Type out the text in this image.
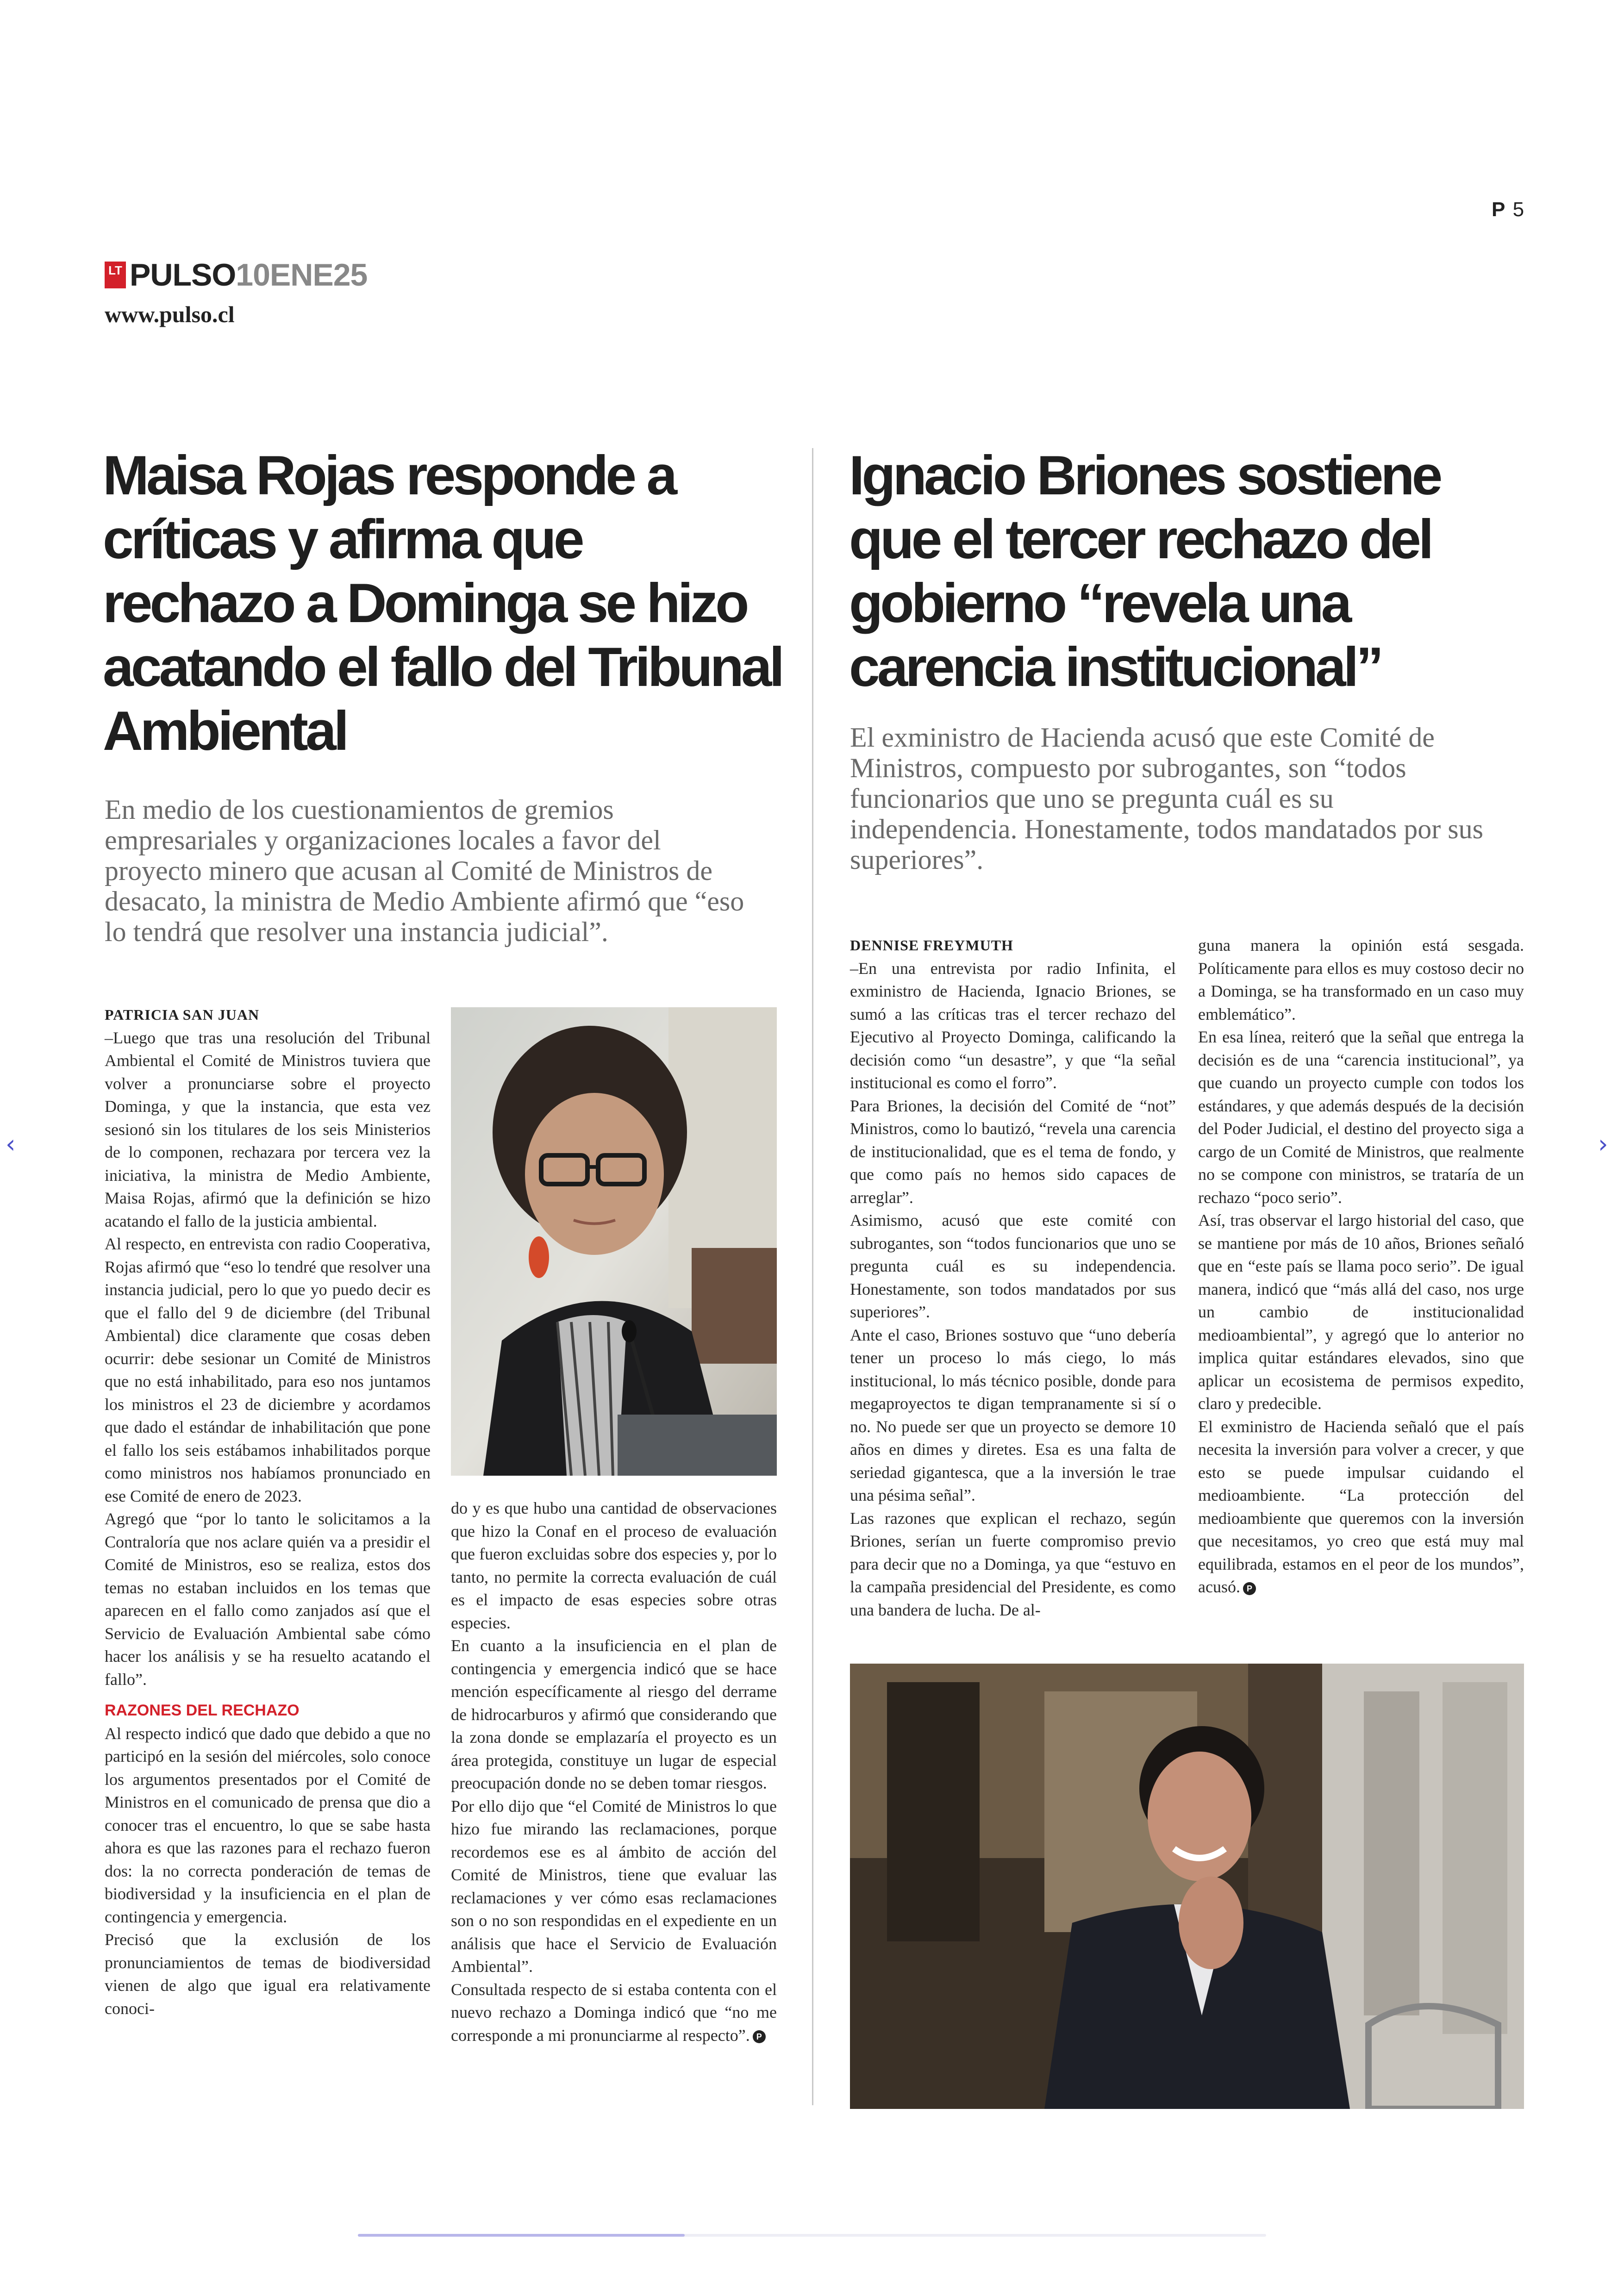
‹	›
P 5
LT PULSO 10ENE25
www.pulso.cl
Maisa Rojas responde a críticas y afirma que rechazo a Dominga se hizo acatando el fallo del Tribunal Ambiental

En medio de los cuestionamientos de gremios empresariales y organizaciones locales a favor del proyecto minero que acusan al Comité de Ministros de desacato, la ministra de Medio Ambiente afirmó que “eso lo tendrá que resolver una instancia judicial”.

PATRICIA SAN JUAN

–Luego que tras una resolución del Tribunal Ambiental el Comité de Ministros tuviera que volver a pronunciarse sobre el proyecto Dominga, y que la instancia, que esta vez sesionó sin los titulares de los seis Ministerios de lo componen, rechazara por tercera vez la iniciativa, la ministra de Medio Ambiente, Maisa Rojas, afirmó que la definición se hizo acatando el fallo de la justicia ambiental.

Al respecto, en entrevista con radio Cooperativa, Rojas afirmó que “eso lo tendré que resolver una instancia judicial, pero lo que yo puedo decir es que el fallo del 9 de diciembre (del Tribunal Ambiental) dice claramente que cosas deben ocurrir: debe sesionar un Comité de Ministros que no está inhabilitado, para eso nos juntamos los ministros el 23 de diciembre y acordamos que dado el estándar de inhabilitación que pone el fallo los seis estábamos inhabilitados porque como ministros nos habíamos pronunciado en ese Comité de enero de 2023.

Agregó que “por lo tanto le solicitamos a la Contraloría que nos aclare quién va a presidir el Comité de Ministros, eso se realiza, estos dos temas no estaban incluidos en los temas que aparecen en el fallo como zanjados así que el Servicio de Evaluación Ambiental sabe cómo hacer los análisis y se ha resuelto acatando el fallo”.

RAZONES DEL RECHAZO

Al respecto indicó que dado que debido a que no participó en la sesión del miércoles, solo conoce los argumentos presentados por el Comité de Ministros en el comunicado de prensa que dio a conocer tras el encuentro, lo que se sabe hasta ahora es que las razones para el rechazo fueron dos: la no correcta ponderación de temas de biodiversidad y la insuficiencia en el plan de contingencia y emergencia.

Precisó que la exclusión de los pronunciamientos de temas de biodiversidad vienen de algo que igual era relativamente conoci-

do y es que hubo una cantidad de observaciones que hizo la Conaf en el proceso de evaluación que fueron excluidas sobre dos especies y, por lo tanto, no permite la correcta evaluación de cuál es el impacto de esas especies sobre otras especies.

En cuanto a la insuficiencia en el plan de contingencia y emergencia indicó que se hace mención específicamente al riesgo del derrame de hidrocarburos y afirmó que considerando que la zona donde se emplazaría el proyecto es un área protegida, constituye un lugar de especial preocupación donde no se deben tomar riesgos.

Por ello dijo que “el Comité de Ministros lo que hizo fue mirando las reclamaciones, porque recordemos ese es al ámbito de acción del Comité de Ministros, tiene que evaluar las reclamaciones y ver cómo esas reclamaciones son o no son respondidas en el expediente en un análisis que hace el Servicio de Evaluación Ambiental”.

Consultada respecto de si estaba contenta con el nuevo rechazo a Dominga indicó que “no me corresponde a mi pronunciarme al respecto”. P

Ignacio Briones sostiene que el tercer rechazo del gobierno “revela una carencia institucional”

El exministro de Hacienda acusó que este Comité de Ministros, compuesto por subrogantes, son “todos funcionarios que uno se pregunta cuál es su independencia. Honestamente, todos mandatados por sus superiores”.

DENNISE FREYMUTH

–En una entrevista por radio Infinita, el exministro de Hacienda, Ignacio Briones, se sumó a las críticas tras el tercer rechazo del Ejecutivo al Proyecto Dominga, calificando la decisión como “un desastre”, y que “la señal institucional es como el forro”.

Para Briones, la decisión del Comité de “not” Ministros, como lo bautizó, “revela una carencia de institucionalidad, que es el tema de fondo, y que como país no hemos sido capaces de arreglar”.

Asimismo, acusó que este comité con subrogantes, son “todos funcionarios que uno se pregunta cuál es su independencia. Honestamente, son todos mandatados por sus superiores”.

Ante el caso, Briones sostuvo que “uno debería tener un proceso lo más ciego, lo más institucional, lo más técnico posible, donde para megaproyectos te digan tempranamente si sí o no. No puede ser que un proyecto se demore 10 años en dimes y diretes. Esa es una falta de seriedad gigantesca, que a la inversión le trae una pésima señal”.

Las razones que explican el rechazo, según Briones, serían un fuerte compromiso previo para decir que no a Dominga, ya que “estuvo en la campaña presidencial del Presidente, es como una bandera de lucha. De al-

guna manera la opinión está sesgada. Políticamente para ellos es muy costoso decir no a Dominga, se ha transformado en un caso muy emblemático”.

En esa línea, reiteró que la señal que entrega la decisión es de una “carencia institucional”, ya que cuando un proyecto cumple con todos los estándares, y que además después de la decisión del Poder Judicial, el destino del proyecto siga a cargo de un Comité de Ministros, que realmente no se compone con ministros, se trataría de un rechazo “poco serio”.

Así, tras observar el largo historial del caso, que se mantiene por más de 10 años, Briones señaló que en “este país se llama poco serio”. De igual manera, indicó que “más allá del caso, nos urge un cambio de institucionalidad medioambiental”, y agregó que lo anterior no implica quitar estándares elevados, sino que aplicar un ecosistema de permisos expedito, claro y predecible.

El exministro de Hacienda señaló que el país necesita la inversión para volver a crecer, y que esto se puede impulsar cuidando el medioambiente. “La protección del medioambiente que queremos con la inversión que necesitamos, yo creo que está muy mal equilibrada, estamos en el peor de los mundos”, acusó. P
